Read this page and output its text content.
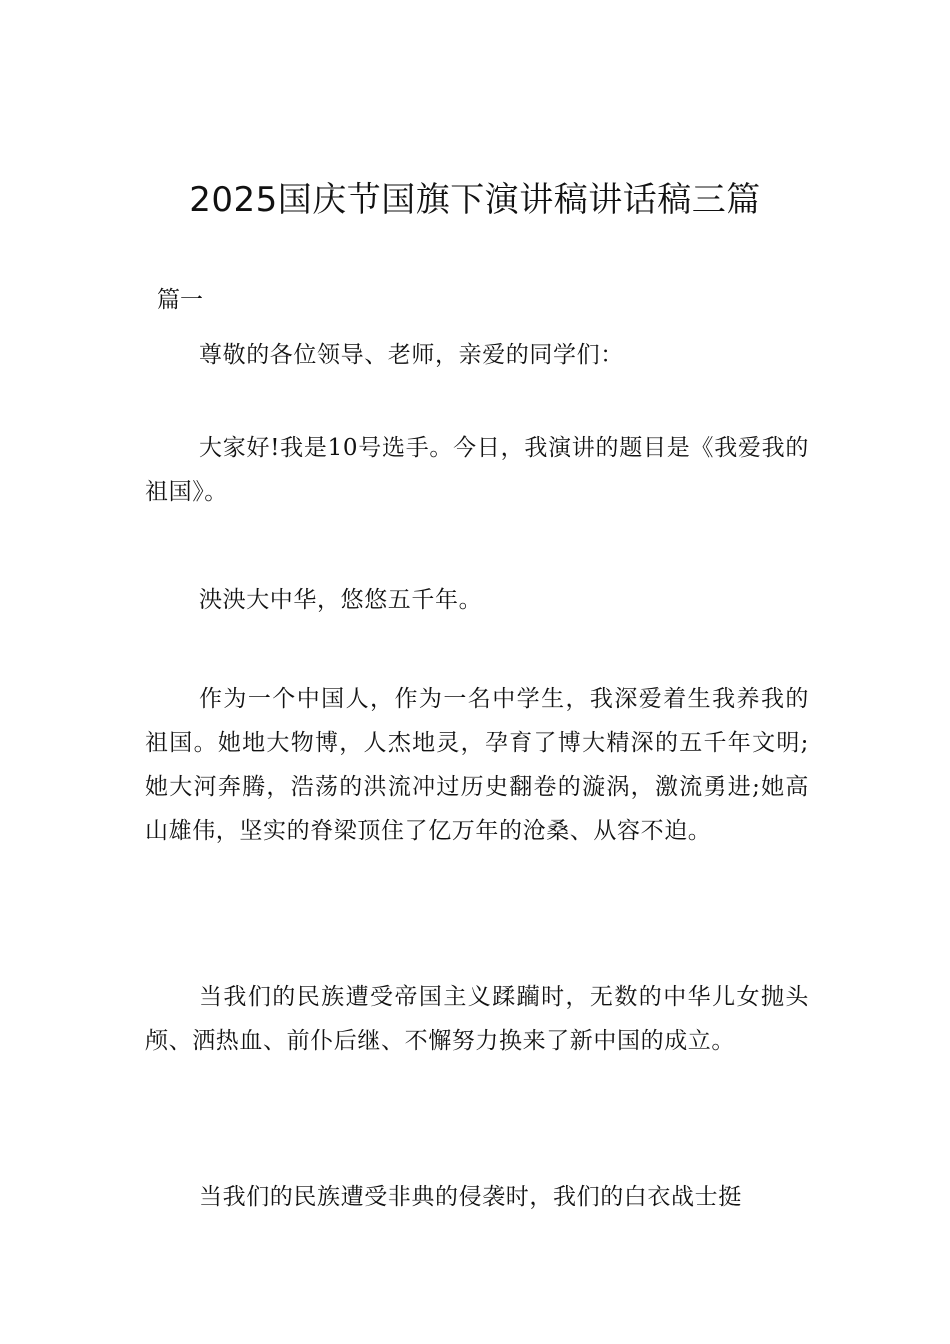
2025国庆节国旗下演讲稿讲话稿三篇
篇一

尊敬的各位领导、老师，亲爱的同学们：

大家好!我是10号选手。今日，我演讲的题目是《我爱我的祖国》。

泱泱大中华，悠悠五千年。

作为一个中国人，作为一名中学生，我深爱着生我养我的祖国。她地大物博，人杰地灵，孕育了博大精深的五千年文明;她大河奔腾，浩荡的洪流冲过历史翻卷的漩涡，激流勇进;她高山雄伟，坚实的脊梁顶住了亿万年的沧桑、从容不迫。

当我们的民族遭受帝国主义蹂躏时，无数的中华儿女抛头颅、洒热血、前仆后继、不懈努力换来了新中国的成立。

当我们的民族遭受非典的侵袭时，我们的白衣战士挺
